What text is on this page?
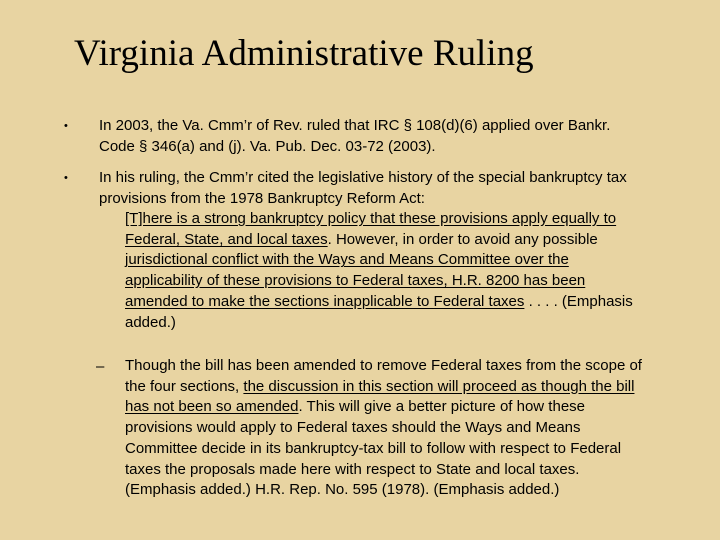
Virginia Administrative Ruling
• In 2003, the Va. Cmm’r of Rev. ruled that IRC § 108(d)(6) applied over Bankr.
Code § 346(a) and (j). Va. Pub. Dec. 03-72 (2003).
• In his ruling, the Cmm’r cited the legislative history of the special bankruptcy tax
provisions from the 1978 Bankruptcy Reform Act:
[T]here is a strong bankruptcy policy that these provisions apply equally to
Federal, State, and local taxes. However, in order to avoid any possible
jurisdictional conflict with the Ways and Means Committee over the
applicability of these provisions to Federal taxes, H.R. 8200 has been
amended to make the sections inapplicable to Federal taxes . . . . (Emphasis
added.)
– Though the bill has been amended to remove Federal taxes from the scope of
the four sections, the discussion in this section will proceed as though the bill
has not been so amended. This will give a better picture of how these
provisions would apply to Federal taxes should the Ways and Means
Committee decide in its bankruptcy-tax bill to follow with respect to Federal
taxes the proposals made here with respect to State and local taxes.
(Emphasis added.) H.R. Rep. No. 595 (1978). (Emphasis added.)
